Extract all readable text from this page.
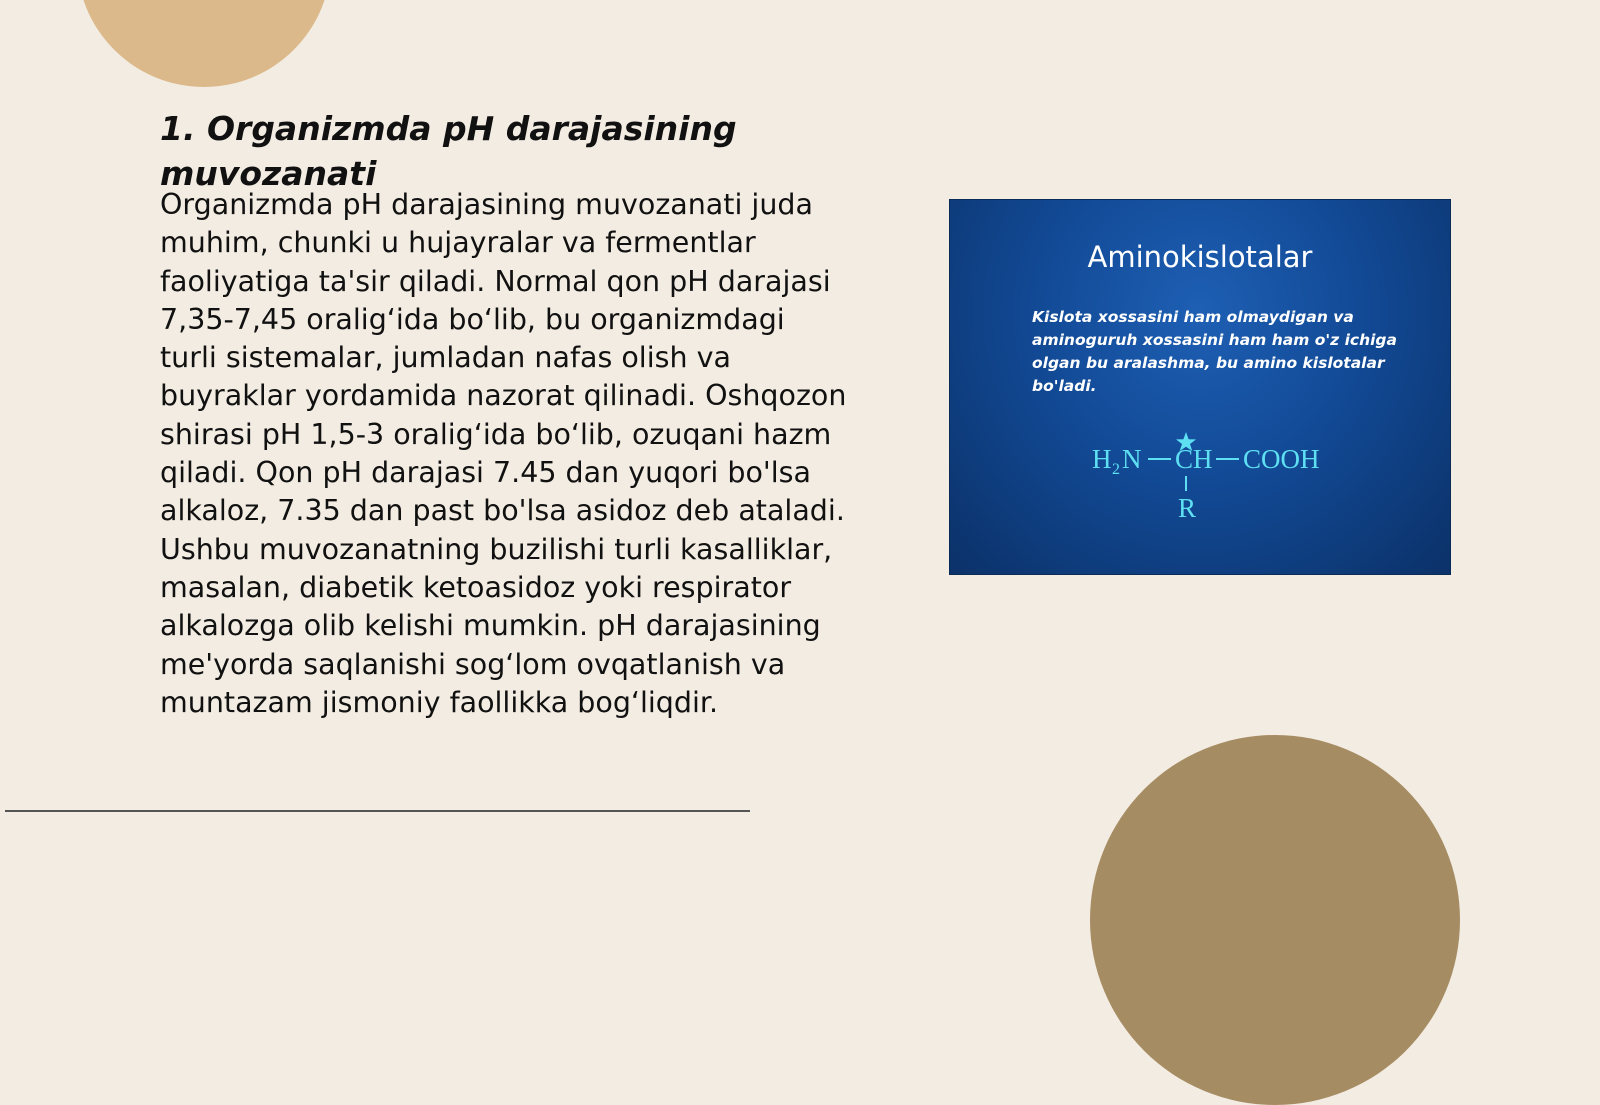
1. Organizmda pH darajasining muvozanati

Organizmda pH darajasining muvozanati juda muhim, chunki u hujayralar va fermentlar faoliyatiga ta'sir qiladi. Normal qon pH darajasi 7,35-7,45 oralig‘ida bo‘lib, bu organizmdagi turli sistemalar, jumladan nafas olish va buyraklar yordamida nazorat qilinadi. Oshqozon shirasi pH 1,5-3 oralig‘ida bo‘lib, ozuqani hazm qiladi. Qon pH darajasi 7.45 dan yuqori bo'lsa alkaloz, 7.35 dan past bo'lsa asidoz deb ataladi. Ushbu muvozanatning buzilishi turli kasalliklar, masalan, diabetik ketoasidoz yoki respirator alkalozga olib kelishi mumkin. pH darajasining me'yorda saqlanishi sog‘lom ovqatlanish va muntazam jismoniy faollikka bog‘liqdir.

Aminokislotalar
Kislota xossasini ham olmaydigan va aminoguruh xossasini ham ham o'z ichiga olgan bu aralashma, bu amino kislotalar bo'ladi.
H 2 N CH COOH
R
